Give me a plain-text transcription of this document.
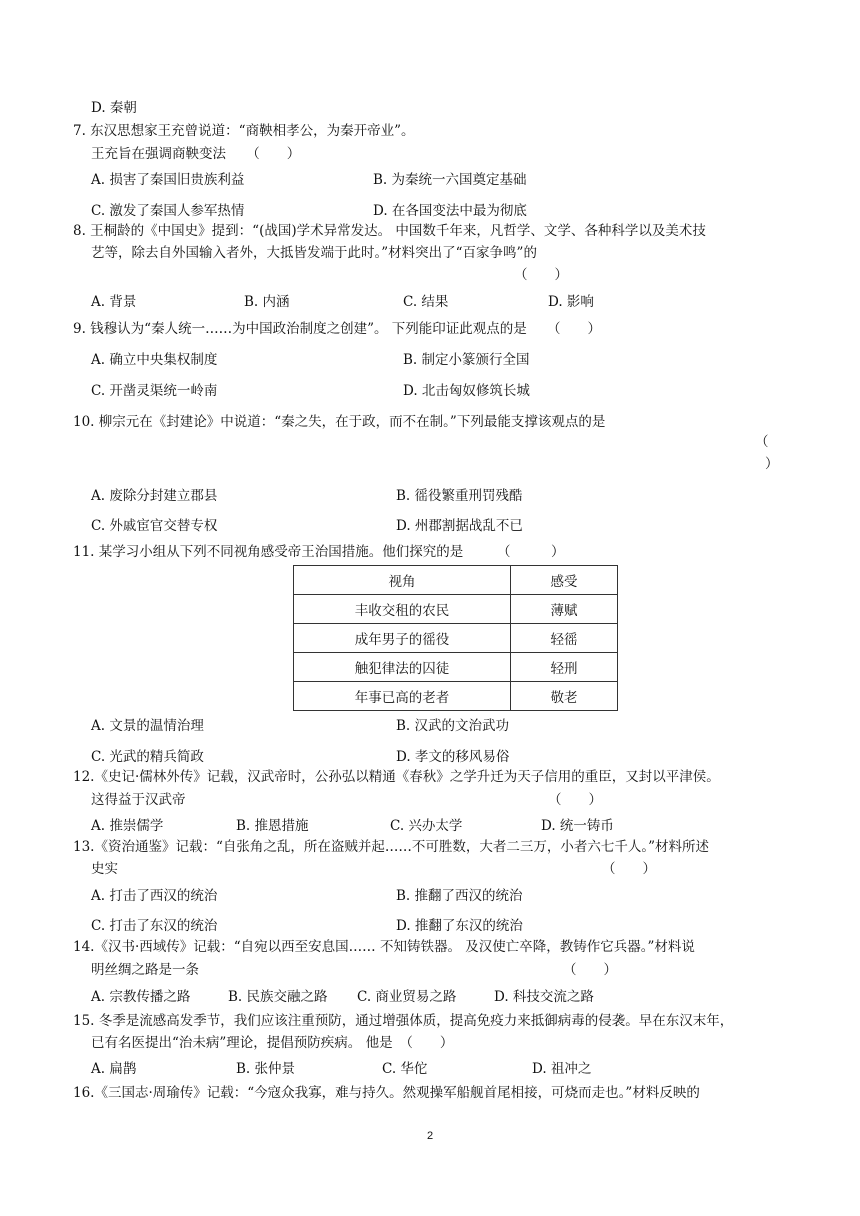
D. 秦朝
7. 东汉思想家王充曾说道：“商鞅相孝公，为秦开帝业”。
王充旨在强调商鞅变法　　（　　）
A. 损害了秦国旧贵族利益	B. 为秦统一六国奠定基础
C. 激发了秦国人参军热情	D. 在各国变法中最为彻底
8. 王桐龄的《中国史》提到：“(战国)学术异常发达。 中国数千年来，凡哲学、文学、各种科学以及美术技
艺等，除去自外国输入者外，大抵皆发端于此时。”材料突出了“百家争鸣”的
（　　）
A. 背景	B. 内涵	C. 结果	D. 影响
9. 钱穆认为“秦人统一……为中国政治制度之创建”。 下列能印证此观点的是　　（　　）
A. 确立中央集权制度	B. 制定小篆颁行全国
C. 开凿灵渠统一岭南	D. 北击匈奴修筑长城
10. 柳宗元在《封建论》中说道：“秦之失，在于政，而不在制。”下列最能支撑该观点的是
（
）
A. 废除分封建立郡县	B. 徭役繁重刑罚残酷
C. 外戚宦官交替专权	D. 州郡割据战乱不已
11. 某学习小组从下列不同视角感受帝王治国措施。他们探究的是　　　（　　　）
视角	感受
丰收交租的农民	薄赋
成年男子的徭役	轻徭
触犯律法的囚徒	轻刑
年事已高的老者	敬老
A. 文景的温情治理	B. 汉武的文治武功
C. 光武的精兵简政	D. 孝文的移风易俗
12.《史记·儒林外传》记载，汉武帝时，公孙弘以精通《春秋》之学升迁为天子信用的重臣，又封以平津侯。
这得益于汉武帝	（　　）
A. 推崇儒学	B. 推恩措施	C. 兴办太学	D. 统一铸币
13.《资治通鉴》记载：“自张角之乱，所在盗贼并起……不可胜数，大者二三万，小者六七千人。”材料所述
史实	（　　）
A. 打击了西汉的统治	B. 推翻了西汉的统治
C. 打击了东汉的统治	D. 推翻了东汉的统治
14.《汉书·西域传》记载：“自宛以西至安息国…… 不知铸铁器。 及汉使亡卒降，教铸作它兵器。”材料说
明丝绸之路是一条	（　　）
A. 宗教传播之路	B. 民族交融之路 C. 商业贸易之路	D. 科技交流之路
15. 冬季是流感高发季节，我们应该注重预防，通过增强体质，提高免疫力来抵御病毒的侵袭。早在东汉末年，
已有名医提出“治未病”理论，提倡预防疾病。 他是　（　　）
A. 扁鹊	B. 张仲景	C. 华佗	D. 祖冲之
16.《三国志·周瑜传》记载：“今寇众我寡，难与持久。然观操军船舰首尾相接，可烧而走也。”材料反映的
2
